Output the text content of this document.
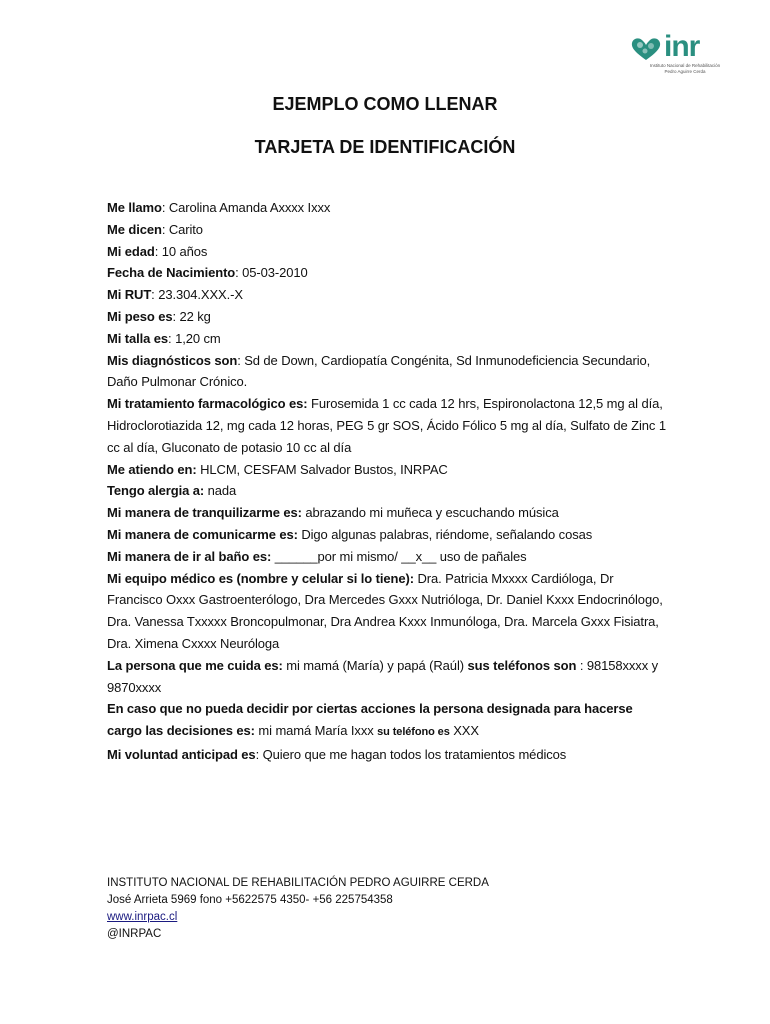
inr
Instituto Nacional de Rehabilitación
Pedro Aguirre Cerda
EJEMPLO COMO LLENAR
TARJETA DE IDENTIFICACIÓN

Me llamo: Carolina Amanda Axxxx Ixxx

Me dicen: Carito

Mi edad: 10 años

Fecha de Nacimiento: 05-03-2010

Mi RUT: 23.304.XXX.-X

Mi peso es: 22 kg

Mi talla es: 1,20 cm

Mis diagnósticos son: Sd de Down, Cardiopatía Congénita, Sd Inmunodeficiencia Secundario, Daño Pulmonar Crónico.

Mi tratamiento farmacológico es: Furosemida 1 cc cada 12 hrs, Espironolactona 12,5 mg al día, Hidroclorotiazida 12, mg cada 12 horas, PEG 5 gr SOS, Ácido Fólico 5 mg al día, Sulfato de Zinc 1 cc al día, Gluconato de potasio 10 cc al día

Me atiendo en: HLCM, CESFAM Salvador Bustos, INRPAC

Tengo alergia a: nada

Mi manera de tranquilizarme es: abrazando mi muñeca y escuchando música

Mi manera de comunicarme es: Digo algunas palabras, riéndome, señalando cosas

Mi manera de ir al baño es: ______por mi mismo/ __x__ uso de pañales

Mi equipo médico es (nombre y celular si lo tiene): Dra. Patricia Mxxxx Cardióloga, Dr Francisco Oxxx Gastroenterólogo, Dra Mercedes Gxxx Nutrióloga, Dr. Daniel Kxxx Endocrinólogo, Dra. Vanessa Txxxxx Broncopulmonar, Dra Andrea Kxxx Inmunóloga, Dra. Marcela Gxxx Fisiatra, Dra. Ximena Cxxxx Neuróloga

La persona que me cuida es: mi mamá (María) y papá (Raúl) sus teléfonos son : 98158xxxx y 9870xxxx

En caso que no pueda decidir por ciertas acciones la persona designada para hacerse cargo las decisiones es: mi mamá María Ixxx su teléfono es XXX

Mi voluntad anticipad es: Quiero que me hagan todos los tratamientos médicos

INSTITUTO NACIONAL DE REHABILITACIÓN PEDRO AGUIRRE CERDA
José Arrieta 5969 fono +5622575 4350- +56 225754358
www.inrpac.cl
@INRPAC
